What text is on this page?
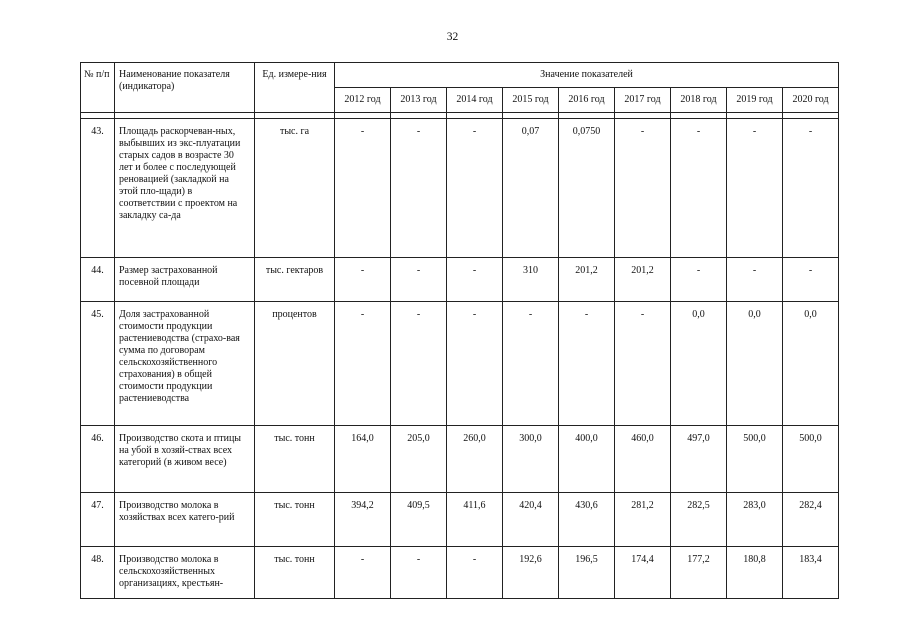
32
№ п/п	Наименование показателя (индикатора)	Ед. измере-ния	Значение показателей								
			2012 год	2013 год	2014 год	2015 год	2016 год	2017 год	2018 год	2019 год	2020 год

43.	Площадь раскорчеван-ных, выбывших из экс-плуатации старых садов в возрасте 30 лет и более с последующей реновацией (закладкой на этой пло-щади) в соответствии с проектом на закладку са-да	тыс. га	-	-	-	0,07	0,0750	-	-	-	-
44.	Размер застрахованной посевной площади	тыс. гектаров	-	-	-	310	201,2	201,2	-	-	-
45.	Доля застрахованной стоимости продукции растениеводства (страхо-вая сумма по договорам сельскохозяйственного страхования) в общей стоимости продукции растениеводства	процентов	-	-	-	-	-	-	0,0	0,0	0,0
46.	Производство скота и птицы на убой в хозяй-ствах всех категорий (в живом весе)	тыс. тонн	164,0	205,0	260,0	300,0	400,0	460,0	497,0	500,0	500,0
47.	Производство молока в хозяйствах всех катего-рий	тыс. тонн	394,2	409,5	411,6	420,4	430,6	281,2	282,5	283,0	282,4
48.	Производство молока в сельскохозяйственных организациях, крестьян-	тыс. тонн	-	-	-	192,6	196,5	174,4	177,2	180,8	183,4
